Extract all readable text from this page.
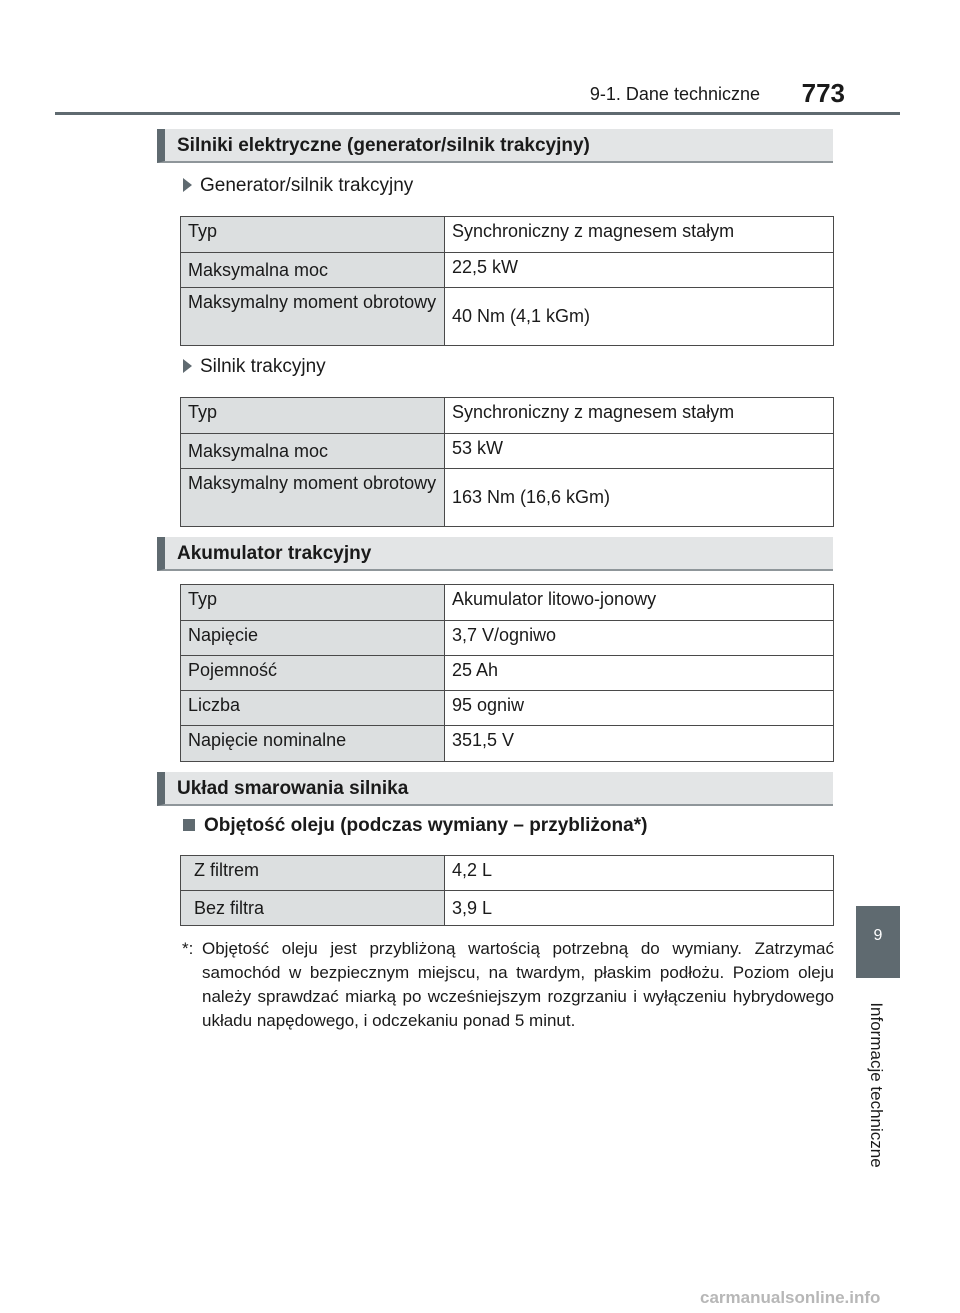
9-1. Dane techniczne	773
9
Informacje techniczne
Silniki elektryczne (generator/silnik trakcyjny)
Generator/silnik trakcyjny
Typ	Synchroniczny z magnesem stałym
Maksymalna moc	22,5 kW
Maksymalny moment obrotowy	40 Nm (4,1 kGm)
Silnik trakcyjny
Typ	Synchroniczny z magnesem stałym
Maksymalna moc	53 kW
Maksymalny moment obrotowy	163 Nm (16,6 kGm)
Akumulator trakcyjny
Typ	Akumulator litowo-jonowy
Napięcie	3,7 V/ogniwo
Pojemność	25 Ah
Liczba	95 ogniw
Napięcie nominalne	351,5 V
Układ smarowania silnika
Objętość oleju (podczas wymiany – przybliżona*)
Z filtrem	4,2 L
Bez filtra	3,9 L
*: Objętość oleju jest przybliżoną wartością potrzebną do wymiany. Zatrzymać samochód w bezpiecznym miejscu, na twardym, płaskim podłożu. Poziom oleju należy sprawdzać miarką po wcześniejszym rozgrzaniu i wyłączeniu hybrydowego układu napędowego, i odczekaniu ponad 5 minut.
carmanualsonline.info
